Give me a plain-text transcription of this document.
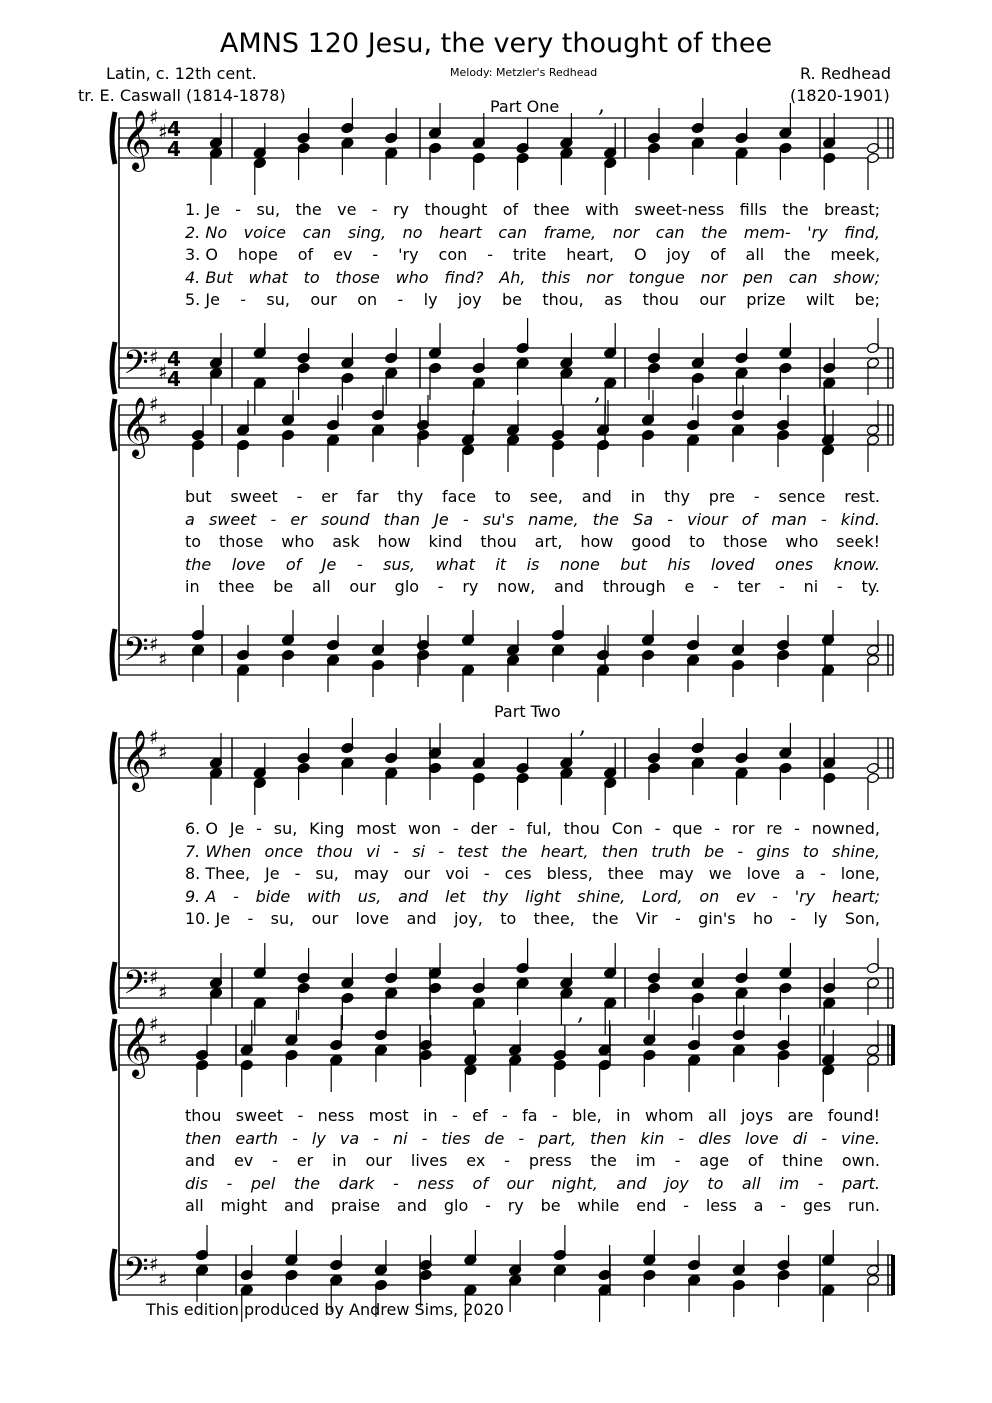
AMNS 120 Jesu, the very thought of thee
Latin, c. 12th cent.
tr. E. Caswall (1814-1878)
Melody: Metzler's Redhead	R. Redhead
(1820-1901)
Part One
Part Two
𝄞
𝄢
♯
♯
♯
♯
4
4
4
4
𝄞
𝄢
♯
♯
♯
♯
𝄞
𝄢
♯
♯
♯
♯
𝄞
𝄢
♯
♯
♯
♯
,
,
,
,
1. Je - su, the ve - ry thought of thee with sweet-ness fills the breast;
2. No voice can sing, no heart can frame, nor can the mem- 'ry find,
3. O hope of ev - 'ry con - trite heart, O joy of all the meek,
4. But what to those who find? Ah, this nor tongue nor pen can show;
5. Je - su, our on - ly joy be thou, as thou our prize wilt be;
but sweet - er far thy face to see, and in thy pre - sence rest.
a sweet - er sound than Je - su's name, the Sa - viour of man - kind.
to those who ask how kind thou art, how good to those who seek!
the love of Je - sus, what it is none but his loved ones know.
in thee be all our glo - ry now, and through e - ter - ni - ty.
6. O Je - su, King most won - der - ful, thou Con - que - ror re - nowned,
7. When once thou vi - si - test the heart, then truth be - gins to shine,
8. Thee, Je - su, may our voi - ces bless, thee may we love a - lone,
9. A - bide with us, and let thy light shine, Lord, on ev - 'ry heart;
10. Je - su, our love and joy, to thee, the Vir - gin's ho - ly Son,
thou sweet - ness most in - ef - fa - ble, in whom all joys are found!
then earth - ly va - ni - ties de - part, then kin - dles love di - vine.
and ev - er in our lives ex - press the im - age of thine own.
dis - pel the dark - ness of our night, and joy to all im - part.
all might and praise and glo - ry be while end - less a - ges run.
This edition produced by Andrew Sims, 2020
